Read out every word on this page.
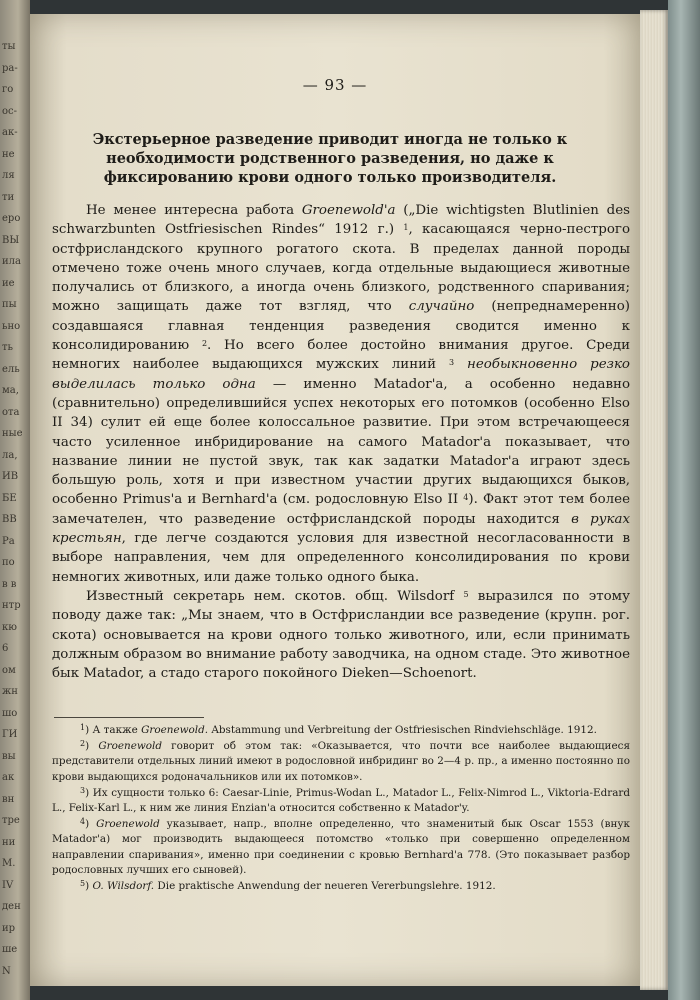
ты
ра-
го
ос-
ак-
не
ля
ти
еро
ВЫ
ила
ие
пы
ьно
ть
ель
ма,
ота
ные
ла,
ИВ
БЕ
ВВ
Ра
по
в в
нтр
кю
6
ом
жн
шо
ГИ
вы
ак
вн
тре
ни
М.
IV
ден
ир
ше
N
— 93 —
Экстерьерное разведение приводит иногда не только к необходимости родственного разведения, но даже к фиксированию крови одного только производителя.

Не менее интересна работа Groenewold'a („Die wichtigsten Blutlinien des schwarzbunten Ostfriesischen Rindes“ 1912 г.) $^1$, касающаяся черно-пестрого остфрисландского крупного рогатого скота. В пределах данной породы отмечено тоже очень много случаев, когда отдельные выдающиеся животные получались от близкого, а иногда очень близкого, родственного спаривания; можно защищать даже тот взгляд, что случайно (непреднамеренно) создавшаяся главная тенденция разведения сводится именно к консолидированию $^2$. Но всего более достойно внимания другое. Среди немногих наиболее выдающихся мужских линий $^3$ необыкновенно резко выделилась только одна — именно Matador'a, а особенно недавно (сравнительно) определившийся успех некоторых его потомков (особенно Elso II 34) сулит ей еще более колоссальное развитие. При этом встречающееся часто усиленное инбридирование на самого Matador'a показывает, что название линии не пустой звук, так как задатки Matador'a играют здесь большую роль, хотя и при известном участии других выдающихся быков, особенно Primus'a и Bernhard'a (см. родословную Elso II $^4$). Факт этот тем более замечателен, что разведение остфрисландской породы находится в руках крестьян, где легче создаются условия для известной несогласованности в выборе направления, чем для определенного консолидирования по крови немногих животных, или даже только одного быка.

Известный секретарь нем. скотов. общ. Wilsdorf $^5$ выразился по этому поводу даже так: „Мы знаем, что в Остфрисландии все разведение (крупн. рог. скота) основывается на крови одного только животного, или, если принимать должным образом во внимание работу заводчика, на одном стаде. Это животное бык Matador, а стадо старого покойного Dieken—Schoenort.

$^1$) А также Groenewold. Abstammung und Verbreitung der Ostfriesischen Rindviehschläge. 1912.

$^2$) Groenewold говорит об этом так: «Оказывается, что почти все наиболее выдающиеся представители отдельных линий имеют в родословной инбридинг во 2—4 р. пр., а именно постоянно по крови выдающихся родоначальников или их потомков».

$^3$) Их сущности только 6: Caesar-Linie, Primus-Wodan L., Matador L., Felix-Nimrod L., Viktoria-Edrard L., Felix-Karl L., к ним же линия Enzian'a относится собственно к Matador'y.

$^4$) Groenewold указывает, напр., вполне определенно, что знаменитый бык Oscar 1553 (внук Matador'a) мог производить выдающееся потомство «только при совершенно определенном направлении спаривания», именно при соединении с кровью Bernhard'a 778. (Это показывает разбор родословных лучших его сыновей).

$^5$) O. Wilsdorf. Die praktische Anwendung der neueren Vererbungslehre. 1912.
